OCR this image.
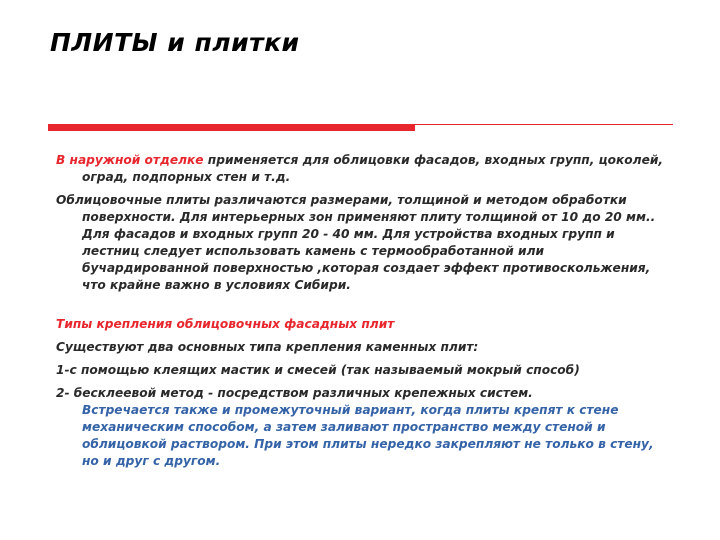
ПЛИТЫ и плитки

В наружной отделке применяется для облицовки фасадов, входных групп, цоколей, оград, подпорных стен и т.д.

Облицовочные плиты различаются размерами, толщиной и методом обработки поверхности. Для интерьерных зон применяют плиту толщиной от 10 до 20 мм.. Для фасадов и входных групп 20 - 40 мм. Для устройства входных групп и лестниц следует использовать камень с термообработанной или бучардированной поверхностью ,которая создает эффект противоскольжения, что крайне важно в условиях Сибири.

Типы крепления облицовочных фасадных плит

Существуют два основных типа крепления каменных плит:

1-с помощью клеящих мастик и смесей (так называемый мокрый способ)

2- бесклеевой метод - посредством различных крепежных систем.
Встречается также и промежуточный вариант, когда плиты крепят к стене механическим способом, а затем заливают пространство между стеной и облицовкой раствором. При этом плиты нередко закрепляют не только в стену, но и друг с другом.
